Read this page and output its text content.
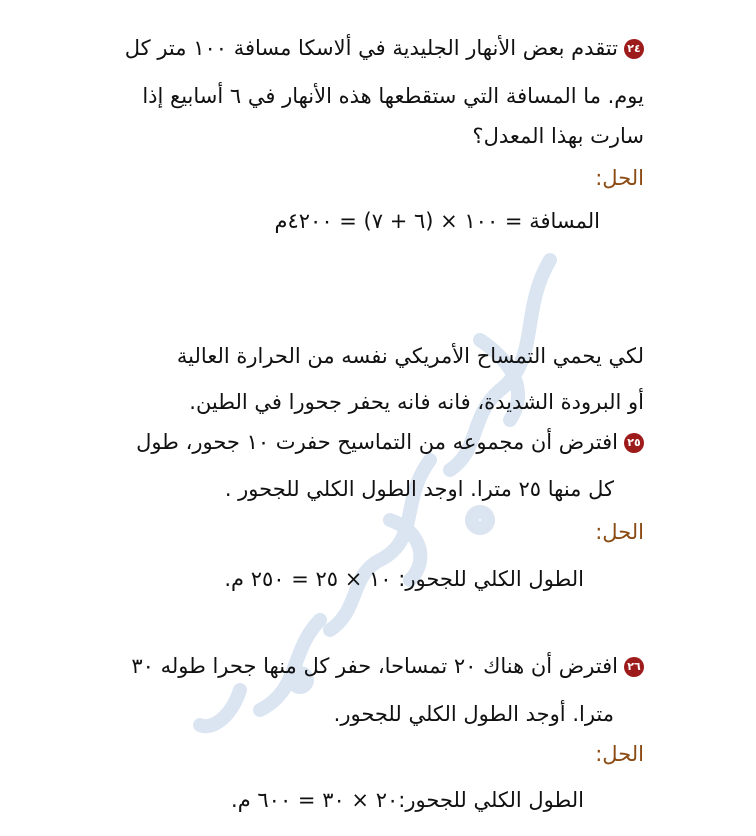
٢٤تتقدم بعض الأنهار الجليدية في ألاسكا مسافة ١٠٠ متر كل
يوم. ما المسافة التي ستقطعها هذه الأنهار في ٦ أسابيع إذا
سارت بهذا المعدل؟
الحل:
المسافة = ١٠٠ × (٦ + ٧) = ٤٢٠٠م
لكي يحمي التمساح الأمريكي نفسه من الحرارة العالية
أو البرودة الشديدة، فانه فانه يحفر جحورا في الطين.
٢٥افترض أن مجموعه من التماسيح حفرت ١٠ جحور، طول
كل منها ٢٥ مترا. اوجد الطول الكلي للجحور .
الحل:
الطول الكلي للجحور: ١٠ × ٢٥ = ٢٥٠ م.
٢٦افترض أن هناك ٢٠ تمساحا، حفر كل منها جحرا طوله ٣٠
مترا. أوجد الطول الكلي للجحور.
الحل:
الطول الكلي للجحور:٢٠ × ٣٠ = ٦٠٠ م.
